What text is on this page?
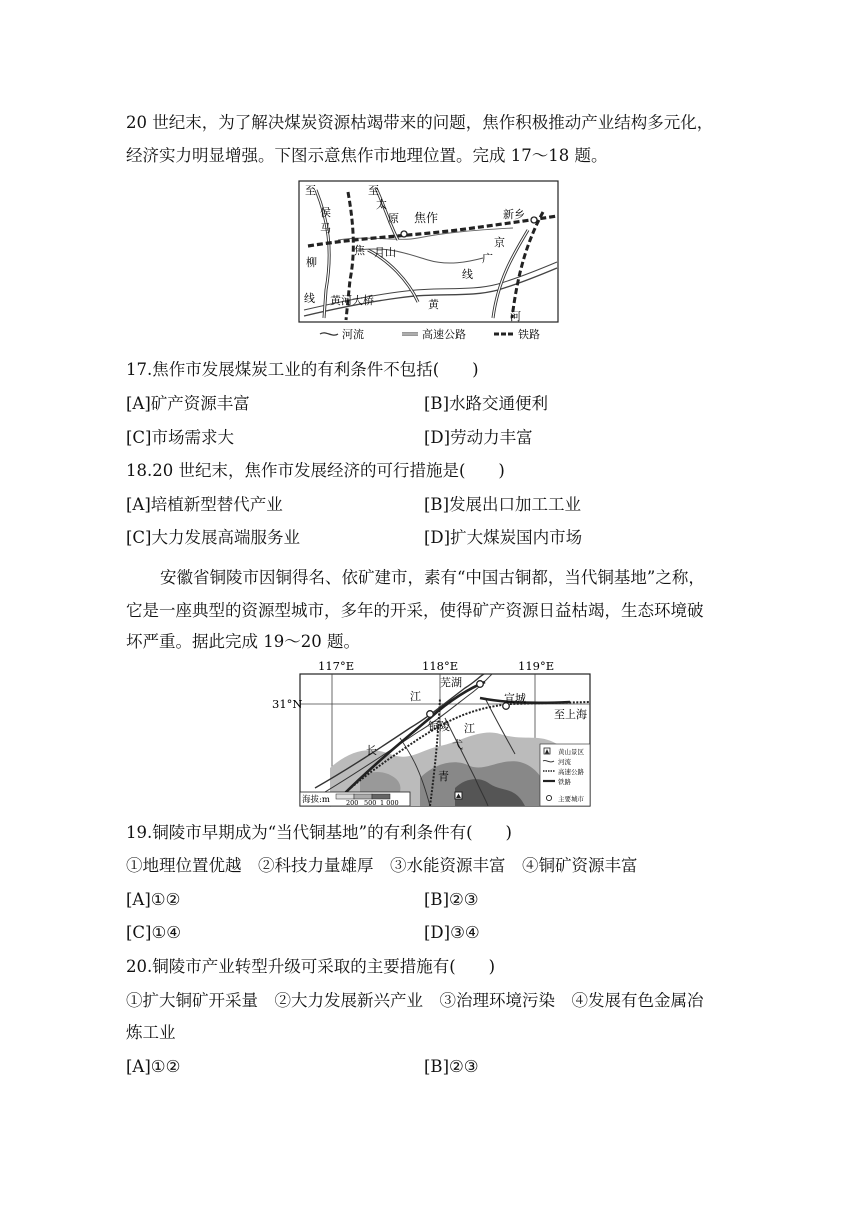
20 世纪末，为了解决煤炭资源枯竭带来的问题，焦作积极推动产业结构多元化，

经济实力明显增强。下图示意焦作市地理位置。完成 17～18 题。

至
侯
马
至
太
原 焦作	新乡
焦 月山
京
广
线
柳
线 黄河大桥	黄
河
河流	高速公路	铁路

17.焦作市发展煤炭工业的有利条件不包括(　　)

[A]矿产资源丰富	[B]水路交通便利
[C]市场需求大	[D]劳动力丰富

18.20 世纪末，焦作市发展经济的可行措施是(　　)

[A]培植新型替代产业	[B]发展出口加工工业
[C]大力发展高端服务业	[D]扩大煤炭国内市场

安徽省铜陵市因铜得名、依矿建市，素有“中国古铜都，当代铜基地”之称，

它是一座典型的资源型城市，多年的开采，使得矿产资源日益枯竭，生态环境破

坏严重。据此完成 19～20 题。

117°E	118°E	119°E
31°N
芜湖
江
铜陵
宣城
至上海
江
弋
长
青
海拔:m 200 500 1 000
黄山景区
河流
高速公路
铁路
主要城市

19.铜陵市早期成为“当代铜基地”的有利条件有(　　)

①地理位置优越　②科技力量雄厚　③水能资源丰富　④铜矿资源丰富

[A]①②	[B]②③
[C]①④	[D]③④

20.铜陵市产业转型升级可采取的主要措施有(　　)

①扩大铜矿开采量　②大力发展新兴产业　③治理环境污染　④发展有色金属冶

炼工业

[A]①②	[B]②③
